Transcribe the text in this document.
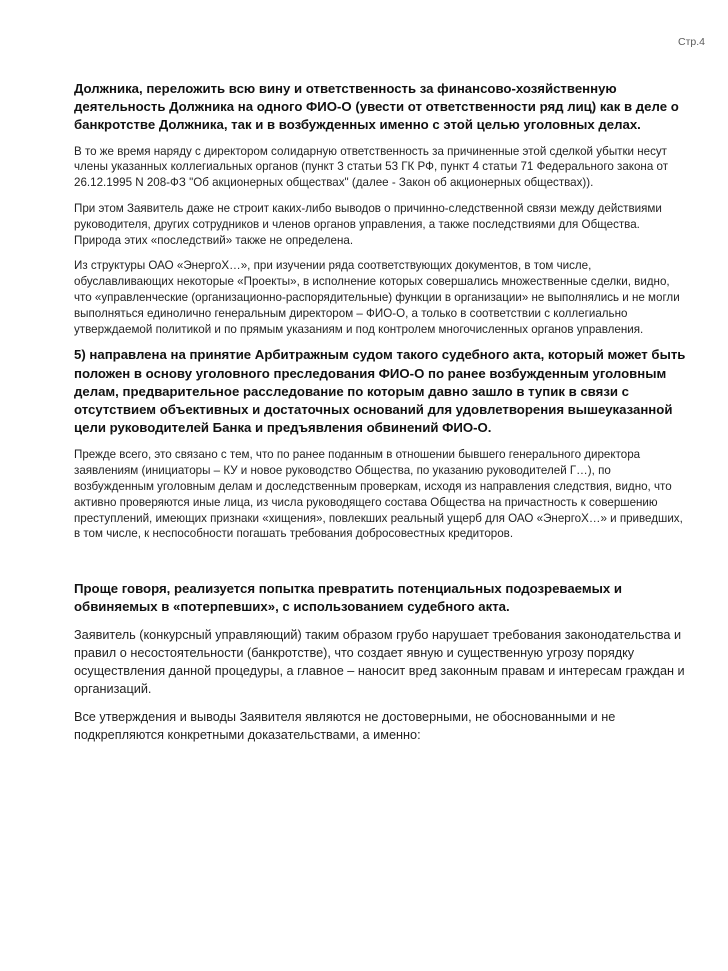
Стр.4

Должника, переложить всю вину и ответственность за финансово-хозяйственную деятельность Должника на одного ФИО-О (увести от ответственности ряд лиц) как в деле о банкротстве Должника, так и в возбужденных именно с этой целью уголовных делах.

В то же время наряду с директором солидарную ответственность за причиненные этой сделкой убытки несут члены указанных коллегиальных органов (пункт 3 статьи 53 ГК РФ, пункт 4 статьи 71 Федерального закона от 26.12.1995 N 208-ФЗ "Об акционерных обществах" (далее - Закон об акционерных обществах)).

При этом Заявитель даже не строит каких-либо выводов о причинно-следственной связи между действиями руководителя, других сотрудников и членов органов управления, а также последствиями для Общества. Природа этих «последствий» также не определена.

Из структуры ОАО «ЭнергоХ…», при изучении ряда соответствующих документов, в том числе, обуславливающих некоторые «Проекты», в исполнение которых совершались множественные сделки, видно, что «управленческие (организационно-распорядительные) функции в организации» не выполнялись и не могли выполняться единолично генеральным директором – ФИО-О, а только в соответствии с коллегиально утверждаемой политикой и по прямым указаниям и под контролем многочисленных органов управления.

5) направлена на принятие Арбитражным судом такого судебного акта, который может быть положен в основу уголовного преследования ФИО-О по ранее возбужденным уголовным делам, предварительное расследование по которым давно зашло в тупик в связи с отсутствием объективных и достаточных оснований для удовлетворения вышеуказанной цели руководителей Банка и предъявления обвинений ФИО-О.

Прежде всего, это связано с тем, что по ранее поданным в отношении бывшего генерального директора заявлениям (инициаторы – КУ и новое руководство Общества, по указанию руководителей Г…), по возбужденным уголовным делам и доследственным проверкам, исходя из направления следствия, видно, что активно проверяются иные лица, из числа руководящего состава Общества на причастность к совершению преступлений, имеющих признаки «хищения», повлекших реальный ущерб для ОАО «ЭнергоХ…» и приведших, в том числе, к неспособности погашать требования добросовестных кредиторов.

Проще говоря, реализуется попытка превратить потенциальных подозреваемых и обвиняемых в «потерпевших», с использованием судебного акта.

Заявитель (конкурсный управляющий) таким образом грубо нарушает требования законодательства и правил о несостоятельности (банкротстве), что создает явную и существенную угрозу порядку осуществления данной процедуры, а главное – наносит вред законным правам и интересам граждан и организаций.

Все утверждения и выводы Заявителя являются не достоверными, не обоснованными и не подкрепляются конкретными доказательствами, а именно:
